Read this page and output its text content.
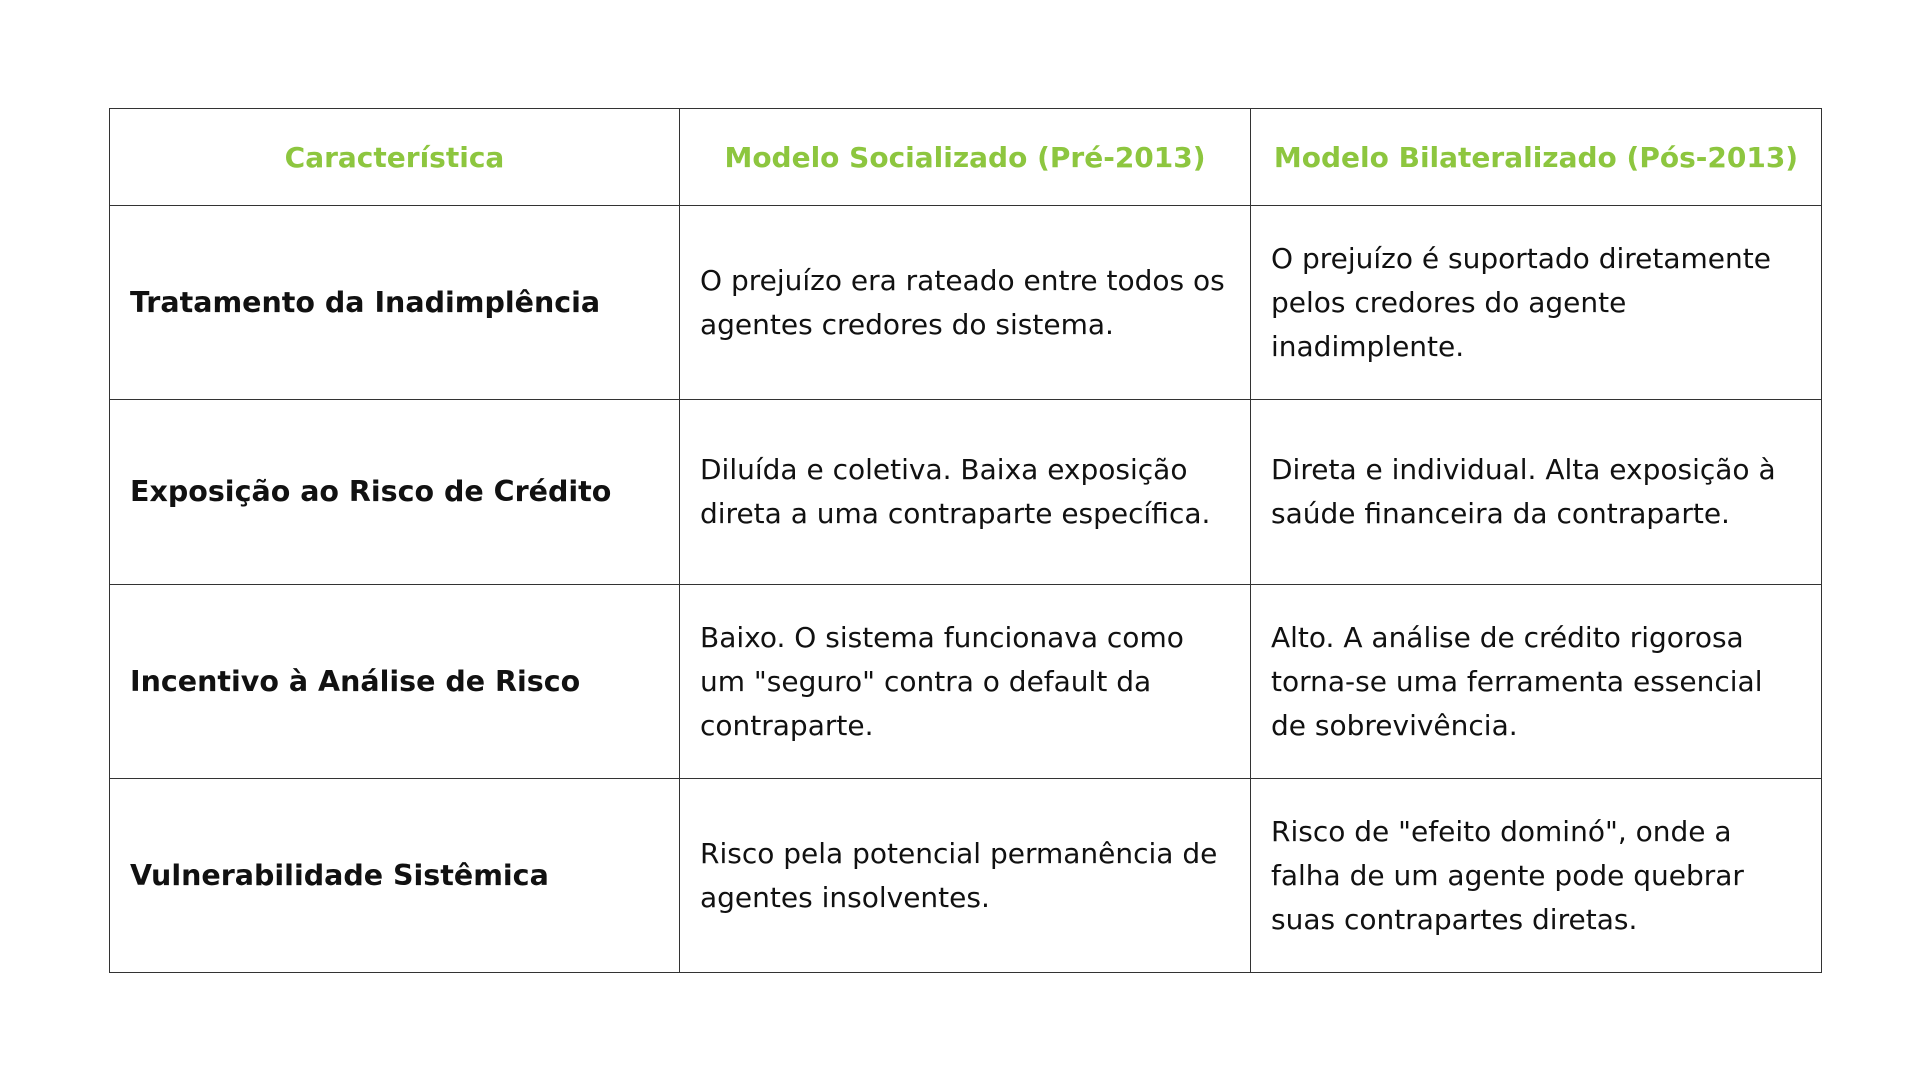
Característica	Modelo Socializado (Pré-2013)	Modelo Bilateralizado (Pós-2013)
Tratamento da Inadimplência	O prejuízo era rateado entre todos os agentes credores do sistema.	O prejuízo é suportado diretamente pelos credores do agente inadimplente.
Exposição ao Risco de Crédito	Diluída e coletiva. Baixa exposição direta a uma contraparte específica.	Direta e individual. Alta exposição à saúde financeira da contraparte.
Incentivo à Análise de Risco	Baixo. O sistema funcionava como um "seguro" contra o default da contraparte.	Alto. A análise de crédito rigorosa torna-se uma ferramenta essencial de sobrevivência.
Vulnerabilidade Sistêmica	Risco pela potencial permanência de agentes insolventes.	Risco de "efeito dominó", onde a falha de um agente pode quebrar suas contrapartes diretas.
